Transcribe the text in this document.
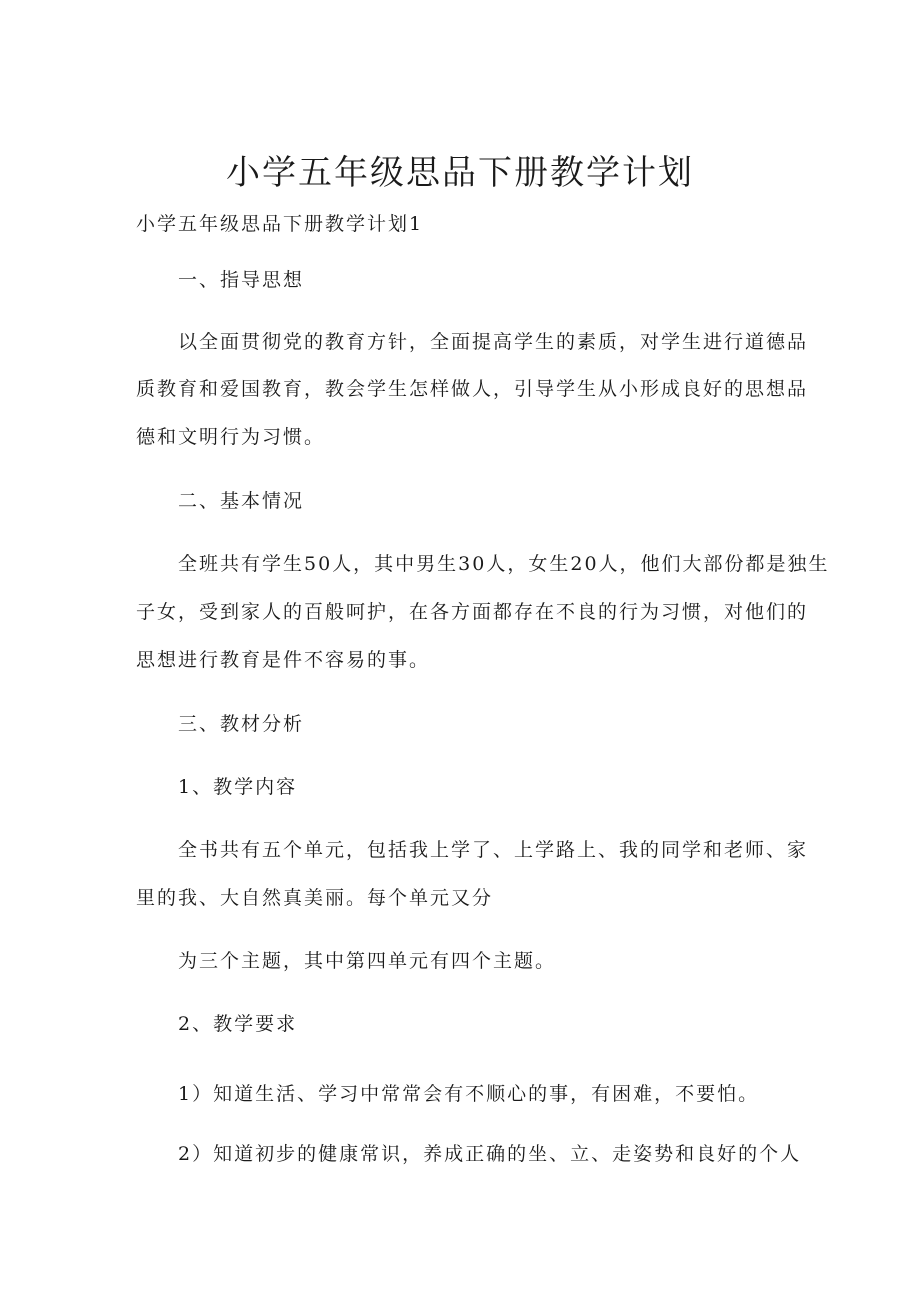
小学五年级思品下册教学计划

小学五年级思品下册教学计划1

一、指导思想

以全面贯彻党的教育方针，全面提高学生的素质，对学生进行道德品

质教育和爱国教育，教会学生怎样做人，引导学生从小形成良好的思想品

德和文明行为习惯。

二、基本情况

全班共有学生50人，其中男生30人，女生20人，他们大部份都是独生

子女，受到家人的百般呵护，在各方面都存在不良的行为习惯，对他们的

思想进行教育是件不容易的事。

三、教材分析

1、教学内容

全书共有五个单元，包括我上学了、上学路上、我的同学和老师、家

里的我、大自然真美丽。每个单元又分

为三个主题，其中第四单元有四个主题。

2、教学要求

1）知道生活、学习中常常会有不顺心的事，有困难，不要怕。

2）知道初步的健康常识，养成正确的坐、立、走姿势和良好的个人
